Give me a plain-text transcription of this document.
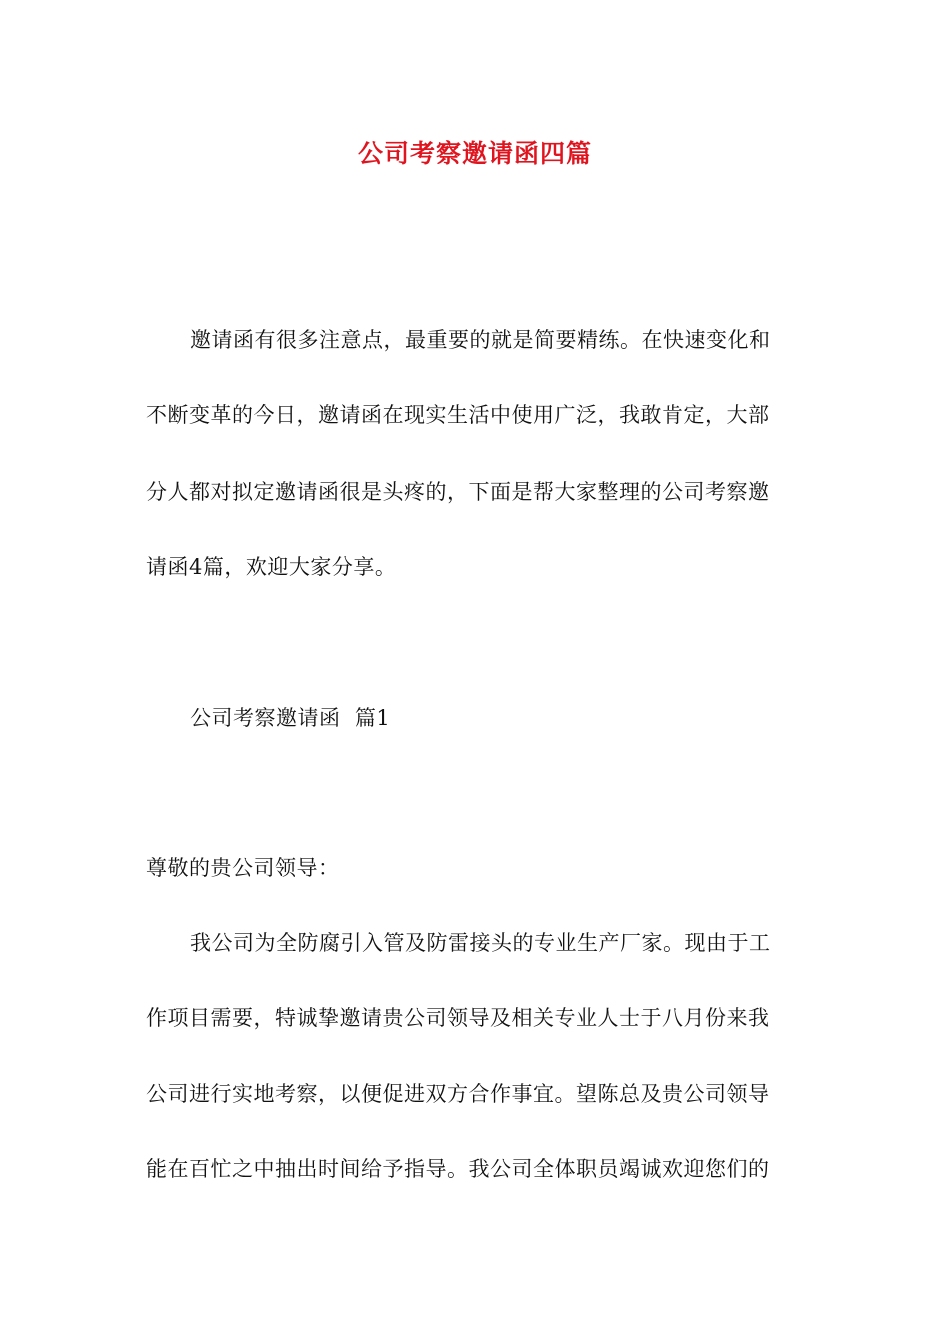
公司考察邀请函四篇
邀请函有很多注意点，最重要的就是简要精练。在快速变化和
不断变革的今日，邀请函在现实生活中使用广泛，我敢肯定，大部
分人都对拟定邀请函很是头疼的，下面是帮大家整理的公司考察邀
请函4篇，欢迎大家分享。
公司考察邀请函  篇1
尊敬的贵公司领导：
我公司为全防腐引入管及防雷接头的专业生产厂家。现由于工
作项目需要，特诚挚邀请贵公司领导及相关专业人士于八月份来我
公司进行实地考察，以便促进双方合作事宜。望陈总及贵公司领导
能在百忙之中抽出时间给予指导。我公司全体职员竭诚欢迎您们的
